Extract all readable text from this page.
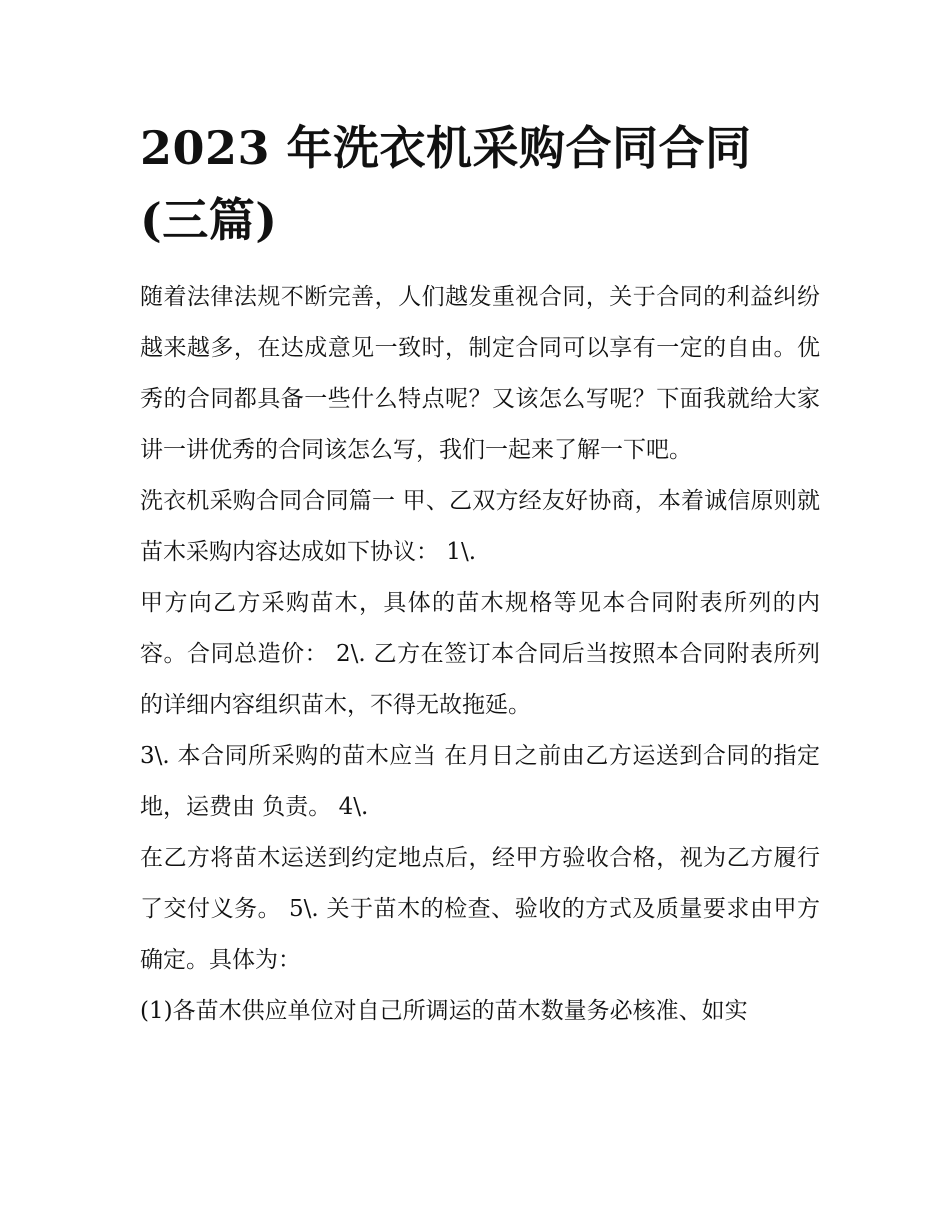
2023 年洗衣机采购合同合同(三篇)

随着法律法规不断完善，人们越发重视合同，关于合同的利益纠纷越来越多，在达成意见一致时，制定合同可以享有一定的自由。优秀的合同都具备一些什么特点呢？又该怎么写呢？下面我就给大家讲一讲优秀的合同该怎么写，我们一起来了解一下吧。

洗衣机采购合同合同篇一 甲、乙双方经友好协商，本着诚信原则就苗木采购内容达成如下协议： 1\.

甲方向乙方采购苗木，具体的苗木规格等见本合同附表所列的内容。合同总造价： 2\. 乙方在签订本合同后当按照本合同附表所列的详细内容组织苗木，不得无故拖延。

3\. 本合同所采购的苗木应当 在月日之前由乙方运送到合同的指定地，运费由 负责。 4\.

在乙方将苗木运送到约定地点后，经甲方验收合格，视为乙方履行了交付义务。 5\. 关于苗木的检查、验收的方式及质量要求由甲方确定。具体为：

(1)各苗木供应单位对自己所调运的苗木数量务必核准、如实
